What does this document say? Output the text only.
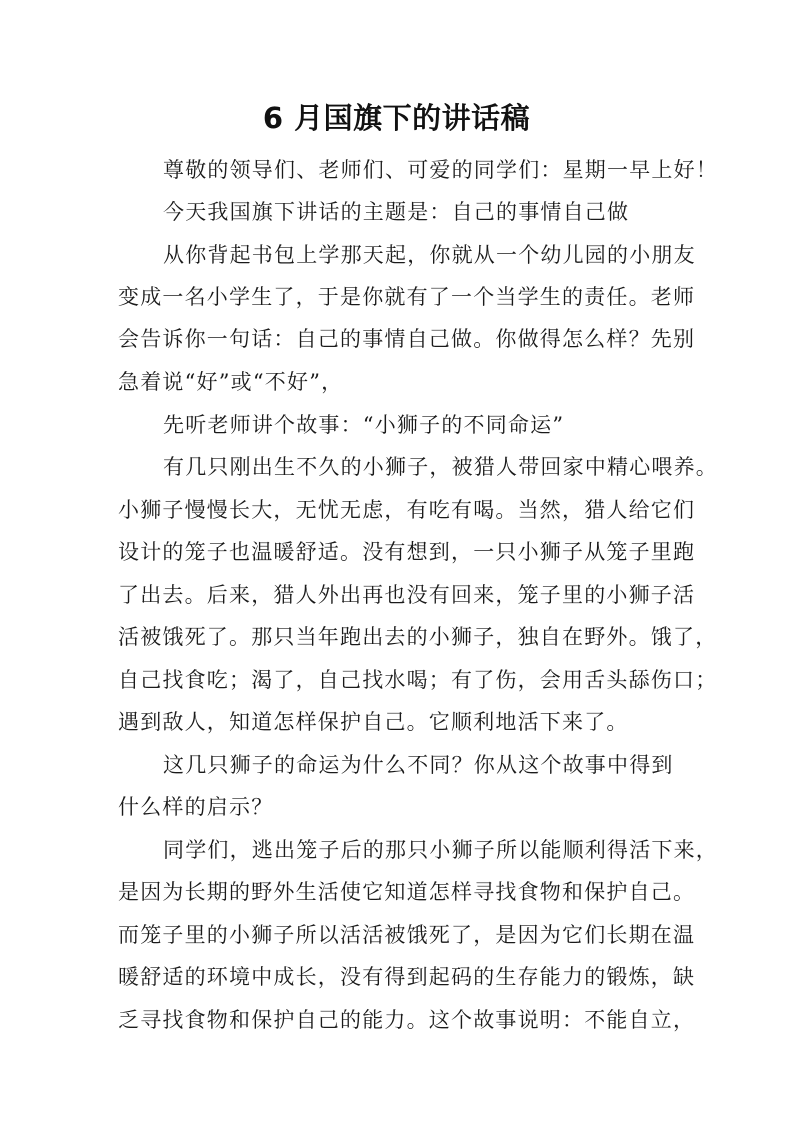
6 月国旗下的讲话稿
尊敬的领导们、老师们、可爱的同学们：星期一早上好！
今天我国旗下讲话的主题是：自己的事情自己做
从你背起书包上学那天起，你就从一个幼儿园的小朋友
变成一名小学生了，于是你就有了一个当学生的责任。老师
会告诉你一句话：自己的事情自己做。你做得怎么样？先别
急着说“好”或“不好”，
先听老师讲个故事：“小狮子的不同命运”
有几只刚出生不久的小狮子，被猎人带回家中精心喂养。
小狮子慢慢长大，无忧无虑，有吃有喝。当然，猎人给它们
设计的笼子也温暖舒适。没有想到，一只小狮子从笼子里跑
了出去。后来，猎人外出再也没有回来，笼子里的小狮子活
活被饿死了。那只当年跑出去的小狮子，独自在野外。饿了，
自己找食吃；渴了，自己找水喝；有了伤，会用舌头舔伤口；
遇到敌人，知道怎样保护自己。它顺利地活下来了。
这几只狮子的命运为什么不同？你从这个故事中得到
什么样的启示？
同学们，逃出笼子后的那只小狮子所以能顺利得活下来，
是因为长期的野外生活使它知道怎样寻找食物和保护自己。
而笼子里的小狮子所以活活被饿死了，是因为它们长期在温
暖舒适的环境中成长，没有得到起码的生存能力的锻炼，缺
乏寻找食物和保护自己的能力。这个故事说明：不能自立，
